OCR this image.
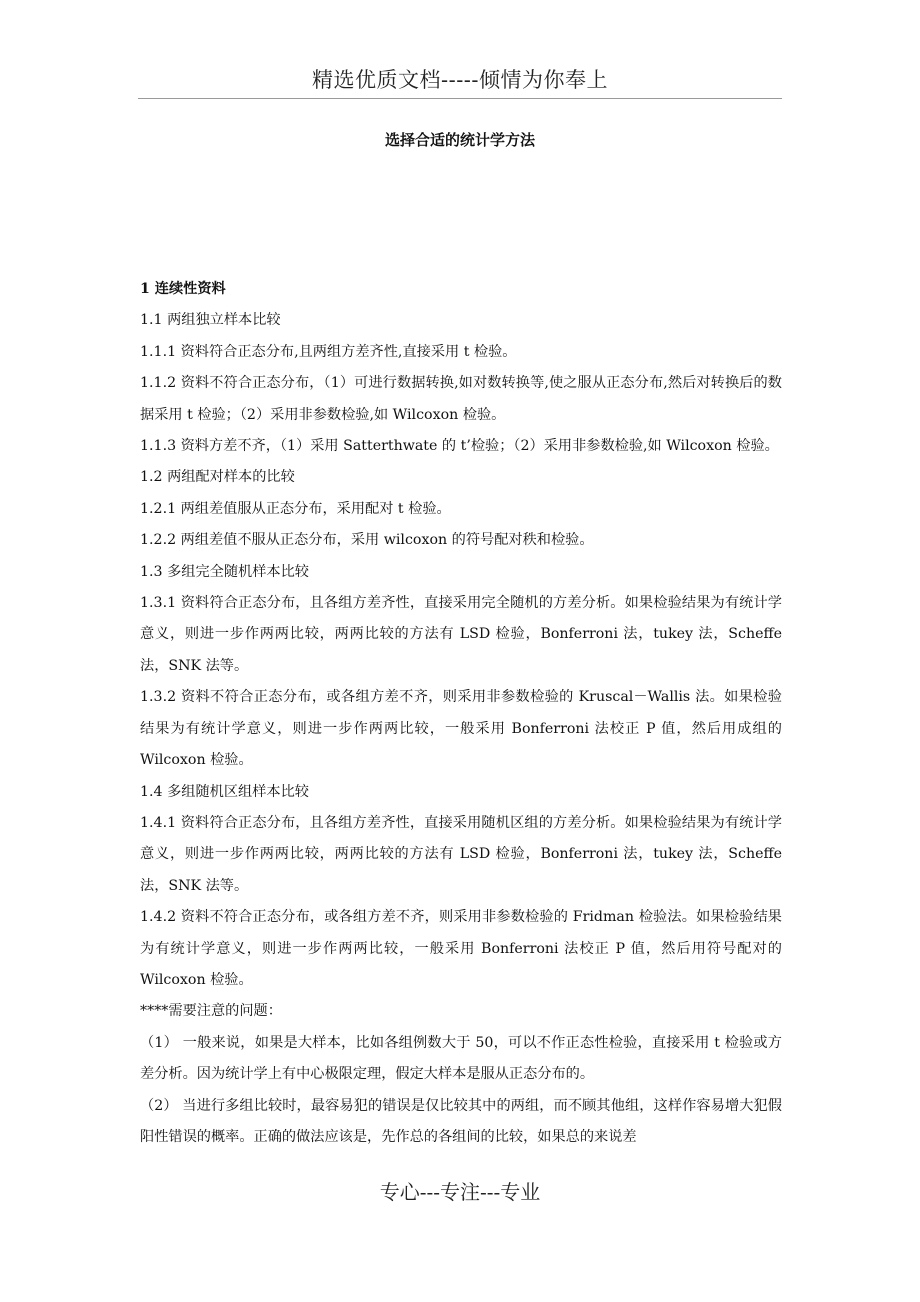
精选优质文档-----倾情为你奉上
选择合适的统计学方法

1 连续性资料

1.1 两组独立样本比较

1.1.1 资料符合正态分布,且两组方差齐性,直接采用 t 检验。

1.1.2 资料不符合正态分布，（1）可进行数据转换,如对数转换等,使之服从正态分布,然后对转换后的数据采用 t 检验；（2）采用非参数检验,如 Wilcoxon 检验。

1.1.3 资料方差不齐，（1）采用 Satterthwate 的 t’检验；（2）采用非参数检验,如 Wilcoxon 检验。

1.2 两组配对样本的比较

1.2.1 两组差值服从正态分布，采用配对 t 检验。

1.2.2 两组差值不服从正态分布，采用 wilcoxon 的符号配对秩和检验。

1.3 多组完全随机样本比较

1.3.1 资料符合正态分布，且各组方差齐性，直接采用完全随机的方差分析。如果检验结果为有统计学意义，则进一步作两两比较，两两比较的方法有 LSD 检验，Bonferroni 法，tukey 法，Scheffe 法，SNK 法等。

1.3.2 资料不符合正态分布，或各组方差不齐，则采用非参数检验的 Kruscal－Wallis 法。如果检验结果为有统计学意义，则进一步作两两比较，一般采用 Bonferroni 法校正 P 值，然后用成组的 Wilcoxon 检验。

1.4 多组随机区组样本比较

1.4.1 资料符合正态分布，且各组方差齐性，直接采用随机区组的方差分析。如果检验结果为有统计学意义，则进一步作两两比较，两两比较的方法有 LSD 检验，Bonferroni 法，tukey 法，Scheffe 法，SNK 法等。

1.4.2 资料不符合正态分布，或各组方差不齐，则采用非参数检验的 Fridman 检验法。如果检验结果为有统计学意义，则进一步作两两比较，一般采用 Bonferroni 法校正 P 值，然后用符号配对的 Wilcoxon 检验。

****需要注意的问题：

（1） 一般来说，如果是大样本，比如各组例数大于 50，可以不作正态性检验，直接采用 t 检验或方差分析。因为统计学上有中心极限定理，假定大样本是服从正态分布的。

（2） 当进行多组比较时，最容易犯的错误是仅比较其中的两组，而不顾其他组，这样作容易增大犯假阳性错误的概率。正确的做法应该是，先作总的各组间的比较，如果总的来说差

专心---专注---专业
